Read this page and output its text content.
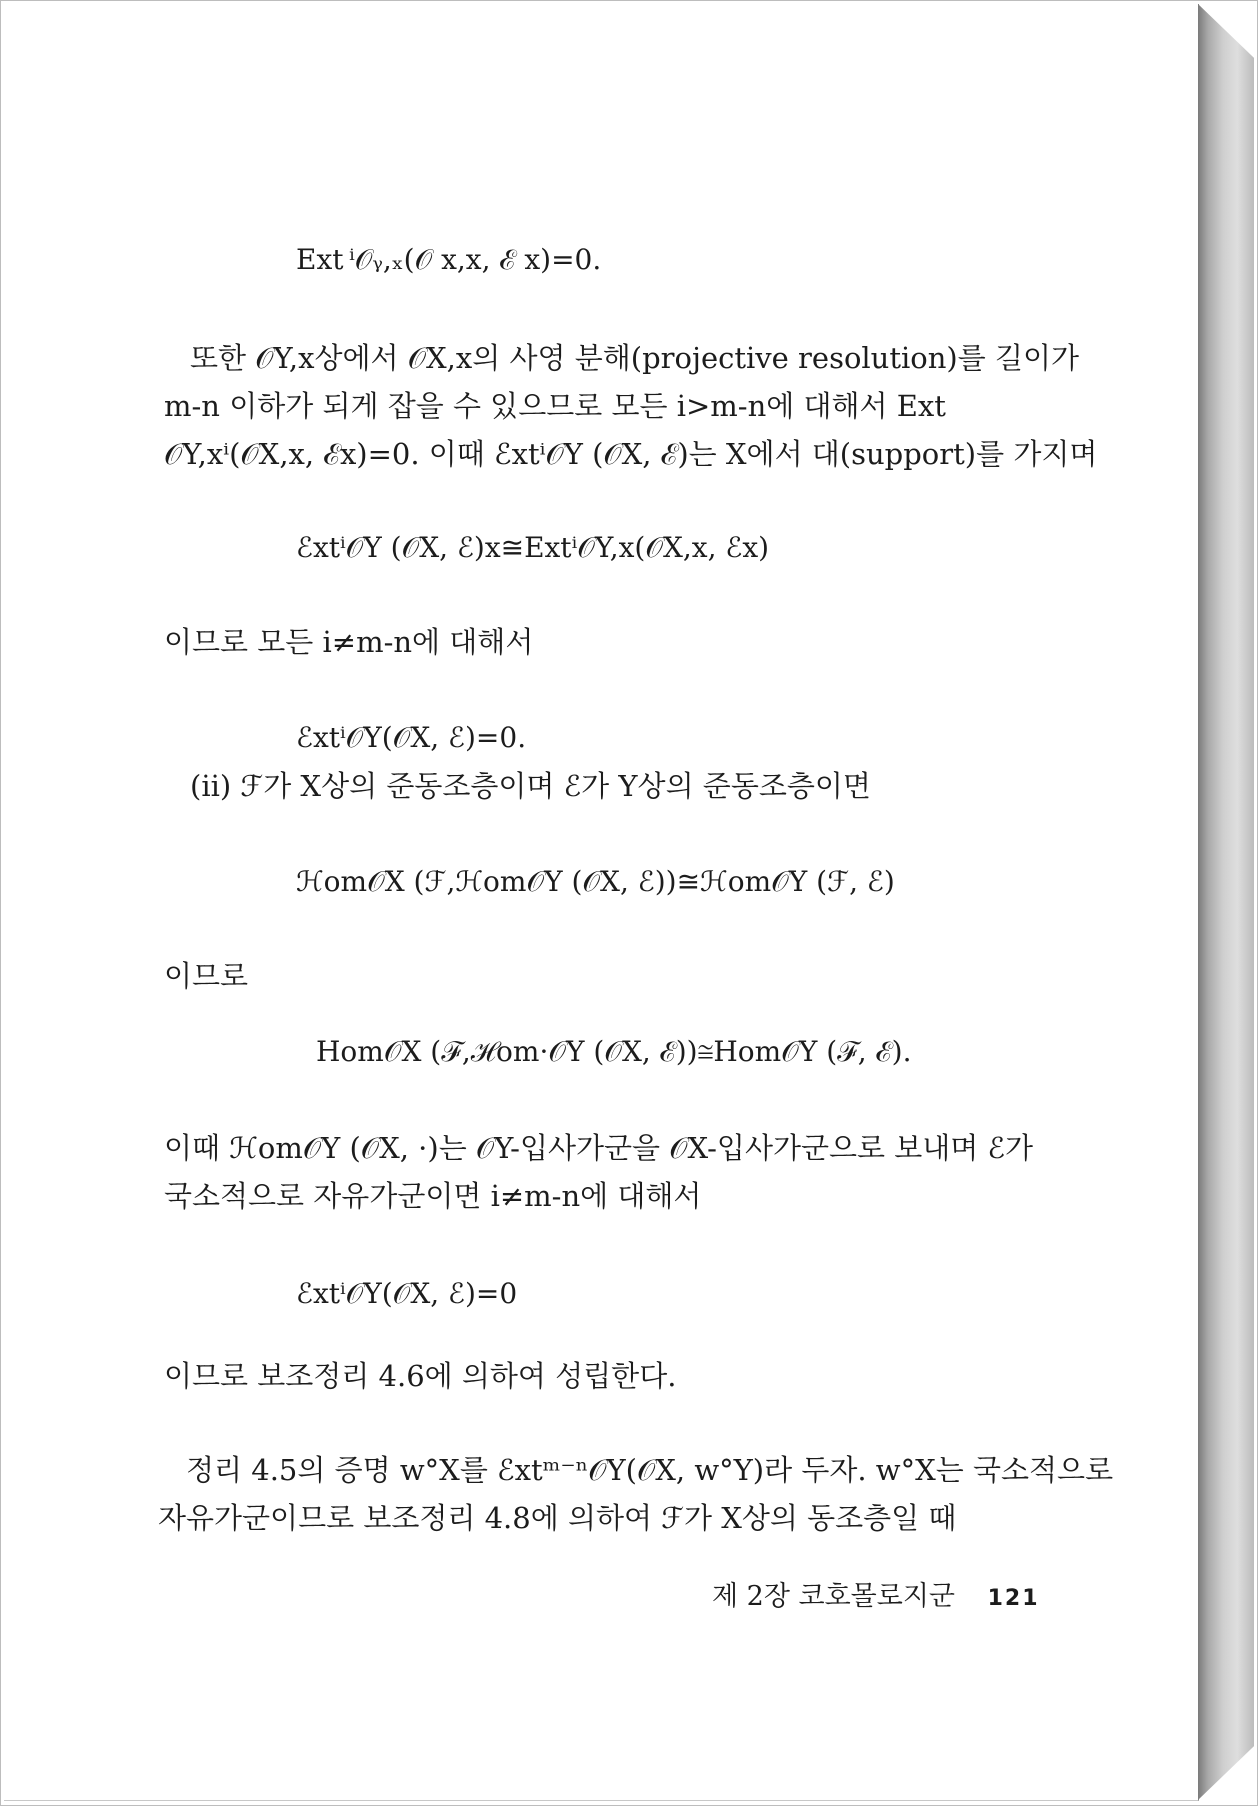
Ext ⁱ𝒪ᵧ,ₓ(𝒪 x,x, ℰ x)=0.
또한 𝒪Y,x상에서 𝒪X,x의 사영 분해(projective resolution)를 길이가
m-n 이하가 되게 잡을 수 있으므로 모든 i>m-n에 대해서 Ext
𝒪Y,xⁱ(𝒪X,x, ℰx)=0. 이때 ℰxtⁱ𝒪Y (𝒪X, ℰ)는 X에서 대(support)를 가지며
ℰxtⁱ𝒪Y (𝒪X, ℰ)x≅Extⁱ𝒪Y,x(𝒪X,x, ℰx)
이므로 모든 i≠m-n에 대해서
ℰxtⁱ𝒪Y(𝒪X, ℰ)=0.
(ii) ℱ가 X상의 준동조층이며 ℰ가 Y상의 준동조층이면
ℋom𝒪X (ℱ,ℋom𝒪Y (𝒪X, ℰ))≅ℋom𝒪Y (ℱ, ℰ)
이므로
Hom𝒪X (ℱ,ℋom·𝒪Y (𝒪X, ℰ))≅Hom𝒪Y (ℱ, ℰ).
이때 ℋom𝒪Y (𝒪X, ·)는 𝒪Y-입사가군을 𝒪X-입사가군으로 보내며 ℰ가
국소적으로 자유가군이면 i≠m-n에 대해서
ℰxtⁱ𝒪Y(𝒪X, ℰ)=0
이므로 보조정리 4.6에 의하여 성립한다.
정리 4.5의 증명 w°X를 ℰxtᵐ⁻ⁿ𝒪Y(𝒪X, w°Y)라 두자. w°X는 국소적으로
자유가군이므로 보조정리 4.8에 의하여 ℱ가 X상의 동조층일 때
제 2장 코호몰로지군 121
